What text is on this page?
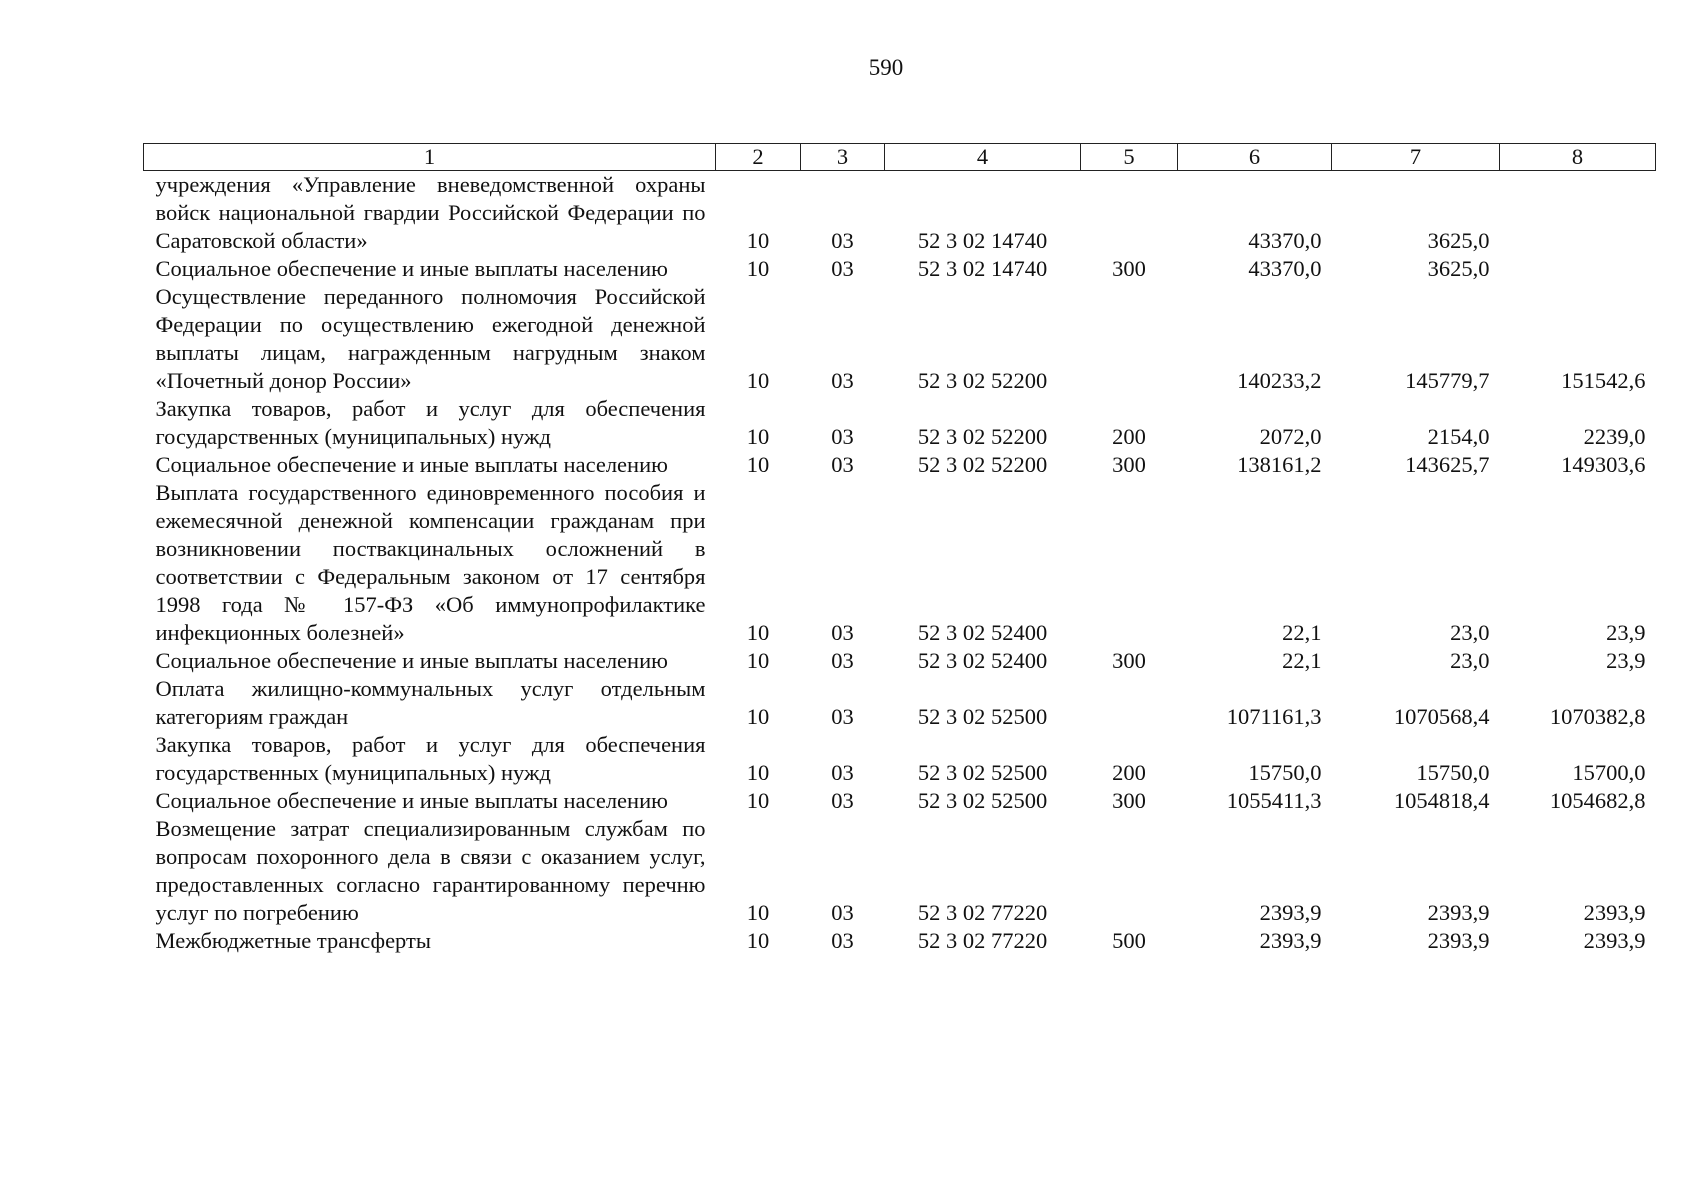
590
1	2	3	4	5	6	7	8
учреждения «Управление вневедомственной охраны войск национальной гвардии Российской Федерации по Саратовской области»	10	03	52 3 02 14740		43370,0	3625,0	
Социальное обеспечение и иные выплаты населению	10	03	52 3 02 14740	300	43370,0	3625,0	
Осуществление переданного полномочия Российской Федерации по осуществлению ежегодной денежной выплаты лицам, награжденным нагрудным знаком «Почетный донор России»	10	03	52 3 02 52200		140233,2	145779,7	151542,6
Закупка товаров, работ и услуг для обеспечения государственных (муниципальных) нужд	10	03	52 3 02 52200	200	2072,0	2154,0	2239,0
Социальное обеспечение и иные выплаты населению	10	03	52 3 02 52200	300	138161,2	143625,7	149303,6
Выплата государственного единовременного пособия и ежемесячной денежной компенсации гражданам при возникновении поствакцинальных осложнений в соответствии с Федеральным законом от 17 сентября 1998 года № 157-ФЗ «Об иммунопрофилактике инфекционных болезней»	10	03	52 3 02 52400		22,1	23,0	23,9
Социальное обеспечение и иные выплаты населению	10	03	52 3 02 52400	300	22,1	23,0	23,9
Оплата жилищно-коммунальных услуг отдельным категориям граждан	10	03	52 3 02 52500		1071161,3	1070568,4	1070382,8
Закупка товаров, работ и услуг для обеспечения государственных (муниципальных) нужд	10	03	52 3 02 52500	200	15750,0	15750,0	15700,0
Социальное обеспечение и иные выплаты населению	10	03	52 3 02 52500	300	1055411,3	1054818,4	1054682,8
Возмещение затрат специализированным службам по вопросам похоронного дела в связи с оказанием услуг, предоставленных согласно гарантированному перечню услуг по погребению	10	03	52 3 02 77220		2393,9	2393,9	2393,9
Межбюджетные трансферты	10	03	52 3 02 77220	500	2393,9	2393,9	2393,9
